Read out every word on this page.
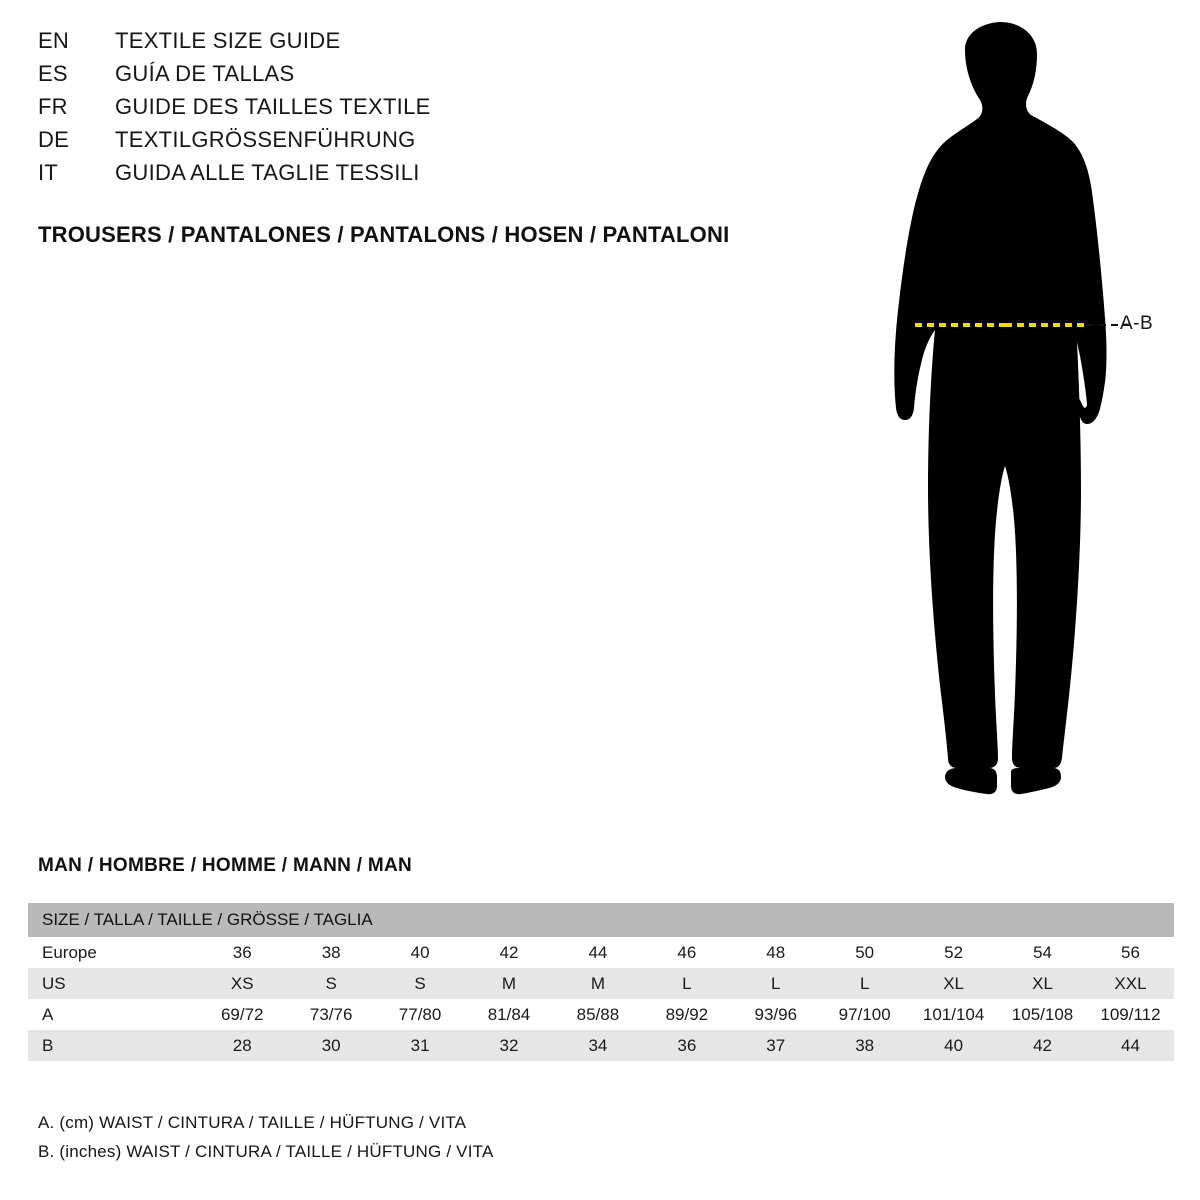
EN	TEXTILE SIZE GUIDE
ES	GUÍA DE TALLAS
FR	GUIDE DES TAILLES TEXTILE
DE	TEXTILGRÖSSENFÜHRUNG
IT	GUIDA ALLE TAGLIE TESSILI
TROUSERS / PANTALONES / PANTALONS / HOSEN / PANTALONI
A-B
MAN / HOMBRE / HOMME / MANN / MAN
SIZE / TALLA / TAILLE / GRÖSSE / TAGLIA											
Europe	36	38	40	42	44	46	48	50	52	54	56
US	XS	S	S	M	M	L	L	L	XL	XL	XXL
A	69/72	73/76	77/80	81/84	85/88	89/92	93/96	97/100	101/104	105/108	109/112
B	28	30	31	32	34	36	37	38	40	42	44
A. (cm) WAIST / CINTURA / TAILLE / HÜFTUNG / VITA
B. (inches) WAIST / CINTURA / TAILLE / HÜFTUNG / VITA
